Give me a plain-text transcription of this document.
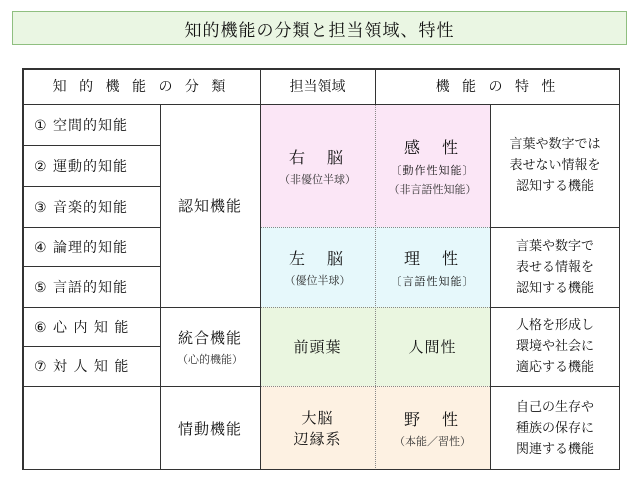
知的機能の分類と担当領域、特性
知 的 機 能 の 分 類	担当領域	機 能 の 特 性
① 空間的知能
② 運動的知能
③ 音楽的知能
④ 論理的知能
⑤ 言語的知能
⑥ 心 内 知 能
⑦ 対 人 知 能
認知機能
統合機能
（心的機能）
情動機能
右　脳
（非優位半球）
左　脳
（優位半球）
前頭葉
大脳
辺縁系
感　性
〔動作性知能〕
（非言語性知能）
理　性
〔言語性知能〕
人間性
野　性
（本能／習性）
言葉や数字では
表せない情報を
認知する機能
言葉や数字で
表せる情報を
認知する機能
人格を形成し
環境や社会に
適応する機能
自己の生存や
種族の保存に
関連する機能
